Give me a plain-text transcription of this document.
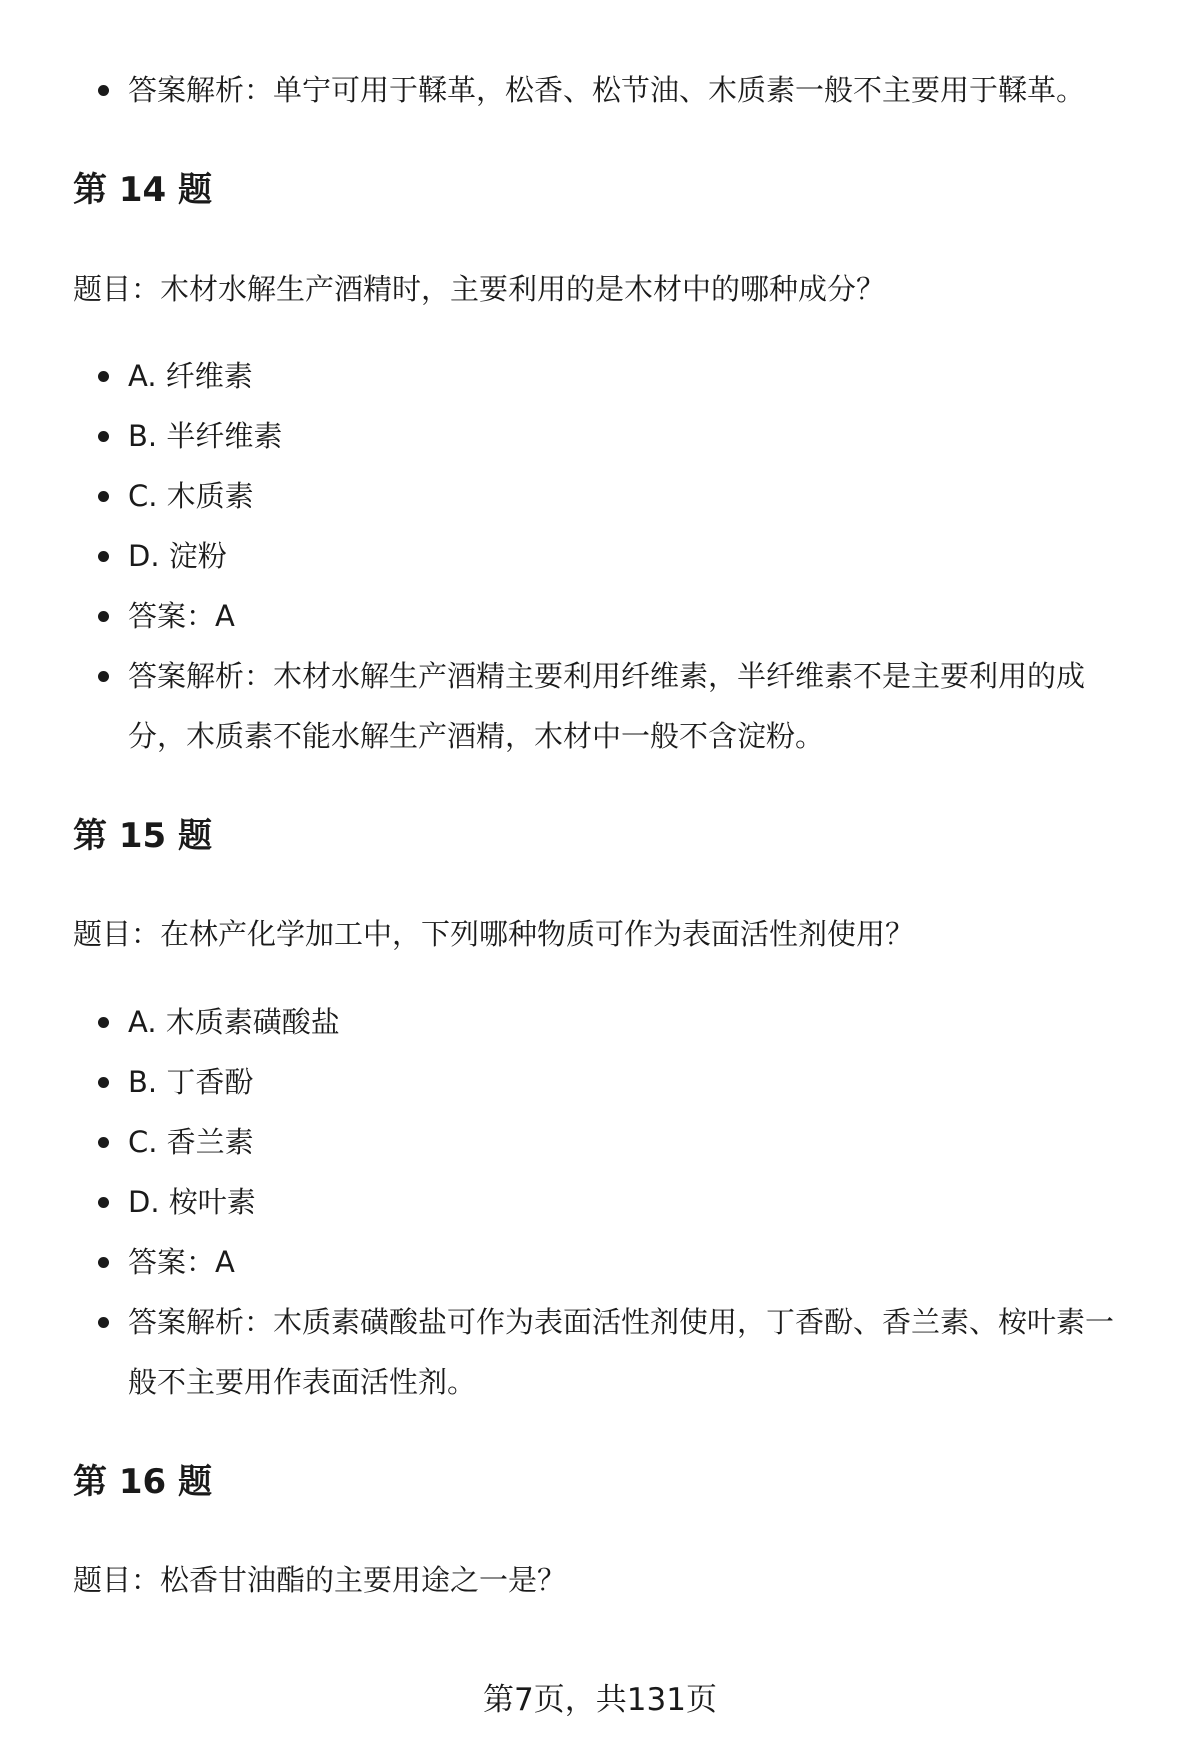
答案解析：单宁可用于鞣革，松香、松节油、木质素一般不主要用于鞣革。
第 14 题

题目：木材水解生产酒精时，主要利用的是木材中的哪种成分？

A. 纤维素
B. 半纤维素
C. 木质素
D. 淀粉
答案：A
答案解析：木材水解生产酒精主要利用纤维素，半纤维素不是主要利用的成分，木质素不能水解生产酒精，木材中一般不含淀粉。
第 15 题

题目：在林产化学加工中，下列哪种物质可作为表面活性剂使用？

A. 木质素磺酸盐
B. 丁香酚
C. 香兰素
D. 桉叶素
答案：A
答案解析：木质素磺酸盐可作为表面活性剂使用，丁香酚、香兰素、桉叶素一般不主要用作表面活性剂。
第 16 题

题目：松香甘油酯的主要用途之一是？

第7页，共131页
